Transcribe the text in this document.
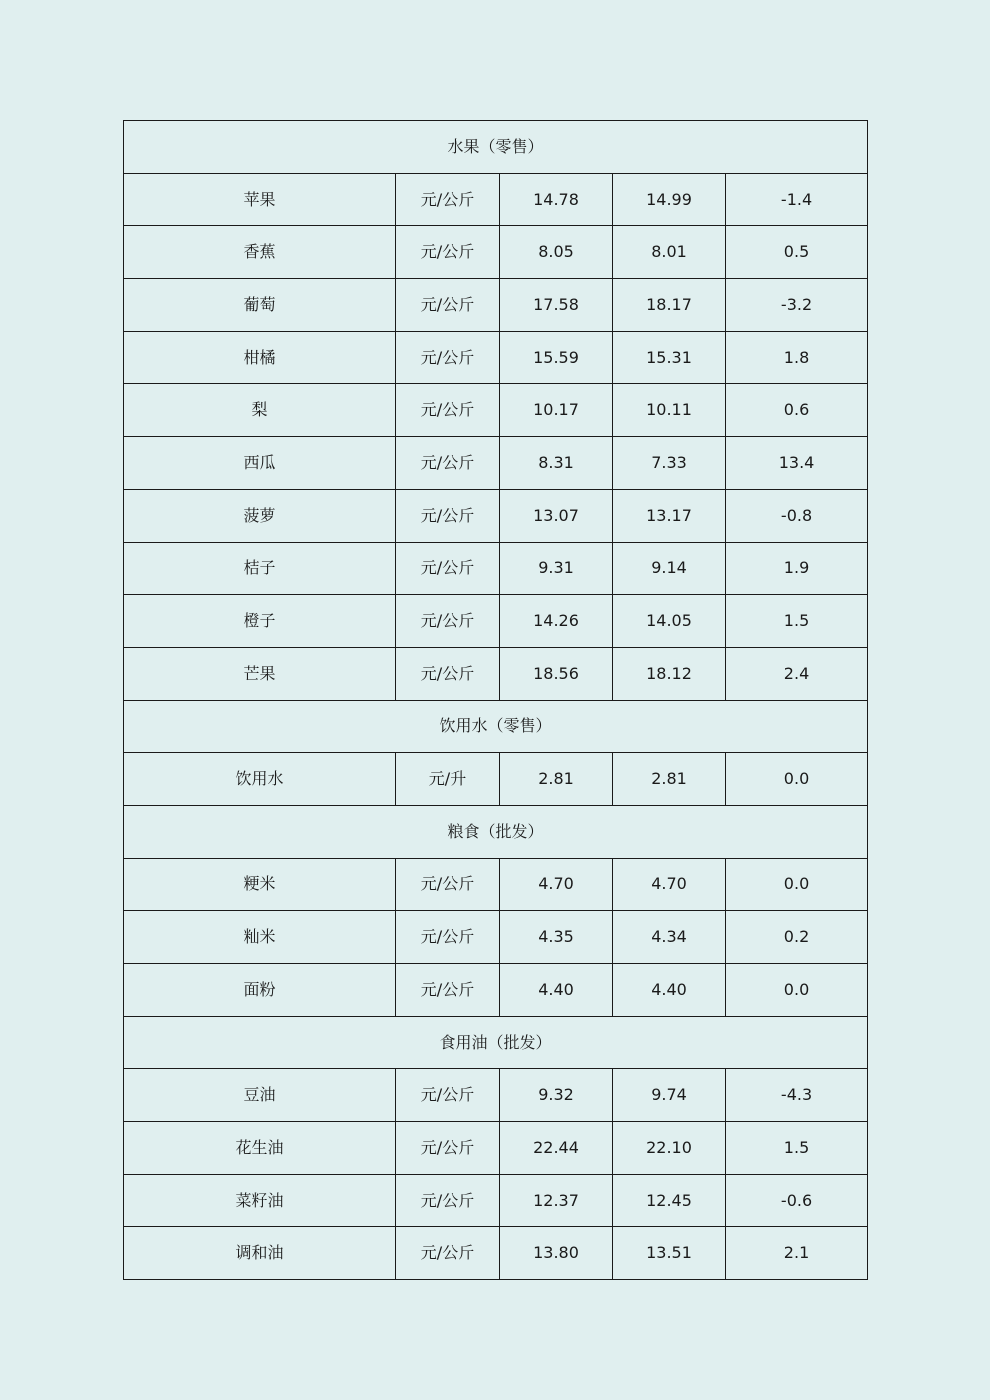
水果（零售）				
苹果	元/公斤	14.78	14.99	-1.4
香蕉	元/公斤	8.05	8.01	0.5
葡萄	元/公斤	17.58	18.17	-3.2
柑橘	元/公斤	15.59	15.31	1.8
梨	元/公斤	10.17	10.11	0.6
西瓜	元/公斤	8.31	7.33	13.4
菠萝	元/公斤	13.07	13.17	-0.8
桔子	元/公斤	9.31	9.14	1.9
橙子	元/公斤	14.26	14.05	1.5
芒果	元/公斤	18.56	18.12	2.4
饮用水（零售）				
饮用水	元/升	2.81	2.81	0.0
粮食（批发）				
粳米	元/公斤	4.70	4.70	0.0
籼米	元/公斤	4.35	4.34	0.2
面粉	元/公斤	4.40	4.40	0.0
食用油（批发）				
豆油	元/公斤	9.32	9.74	-4.3
花生油	元/公斤	22.44	22.10	1.5
菜籽油	元/公斤	12.37	12.45	-0.6
调和油	元/公斤	13.80	13.51	2.1
